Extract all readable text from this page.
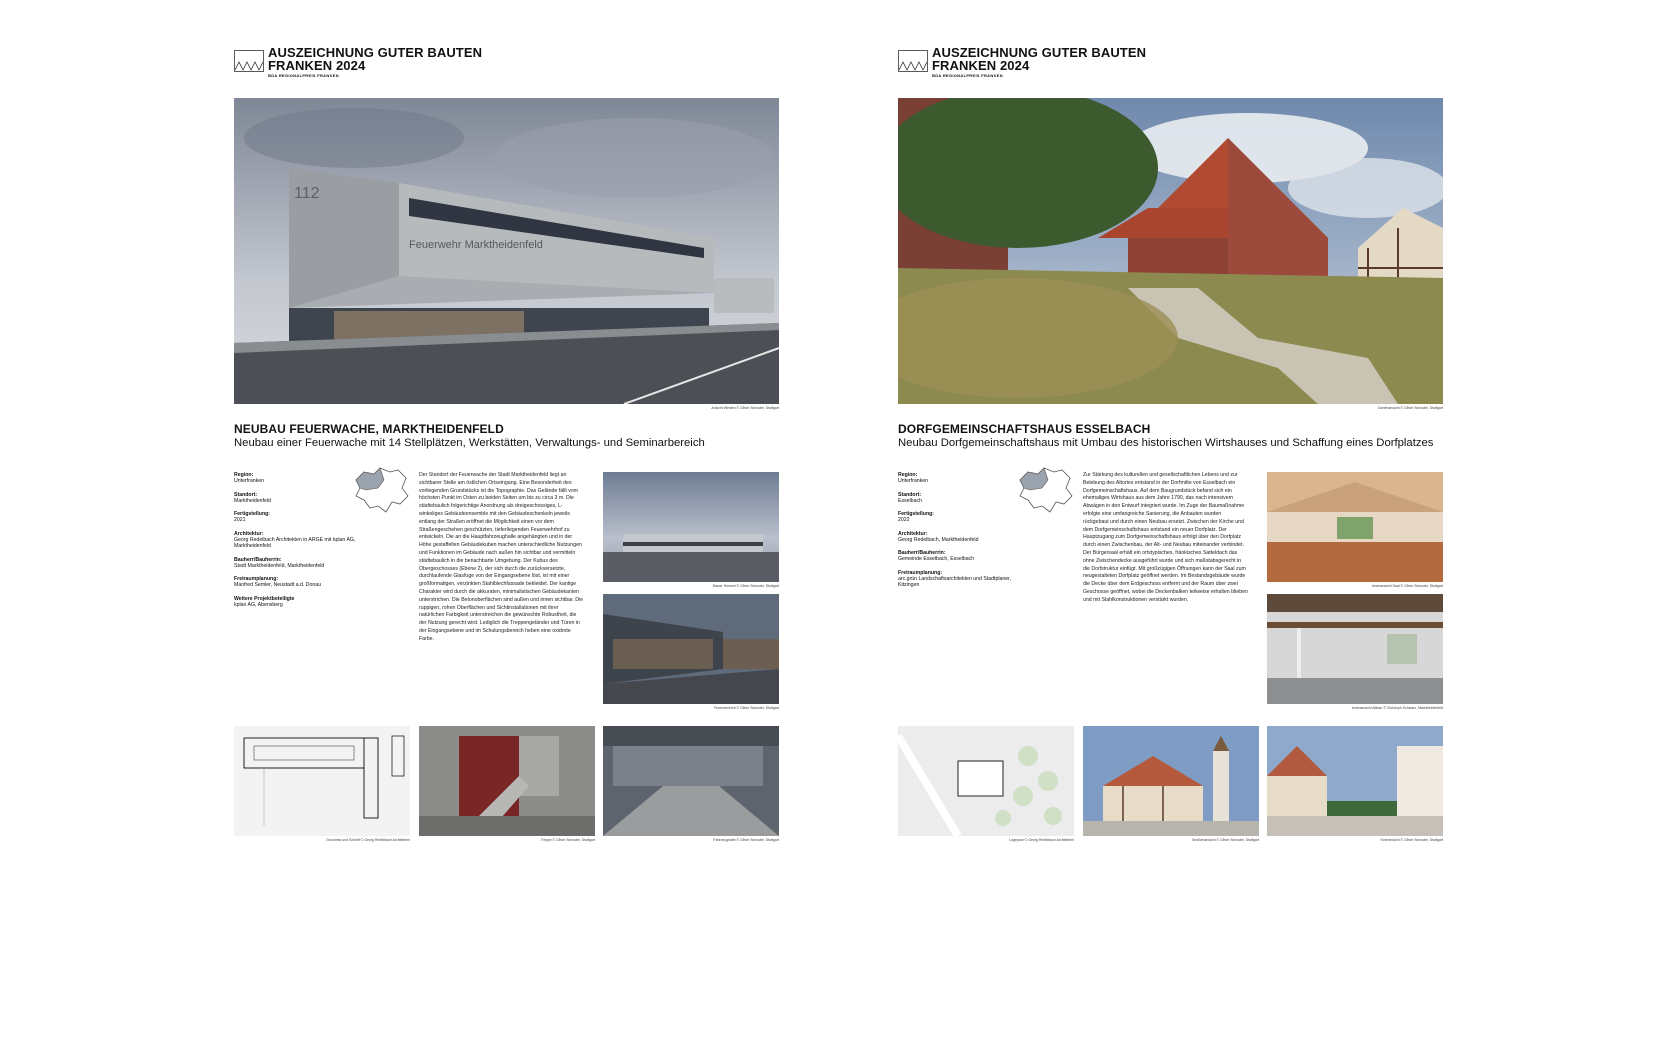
AUSZEICHNUNG GUTER BAUTEN
FRANKEN 2024
BDA REGIONALPREIS FRANKEN
112
Feuerwehr Marktheidenfeld
Ansicht Westen © Oliver Schuster, Stuttgart
NEUBAU FEUERWACHE, MARKTHEIDENFELD
Neubau einer Feuerwache mit 14 Stellplätzen, Werkstätten, Verwaltungs- und Seminarbereich
Region:
Unterfranken
Standort:
Marktheidenfeld
Fertigstellung:
2021
Architektur:
Georg Redelbach Architekten in ARGE mit kplan AG, Marktheidenfeld
Bauherr/Bauherrin:
Stadt Marktheidenfeld, Marktheidenfeld
Freiraumplanung:
Manfred Semler, Neustadt a.d. Donau
Weitere Projektbeteiligte
kplan AG, Abensberg
Der Standort der Feuerwache der Stadt Marktheidenfeld liegt an sichtbarer Stelle am östlichen Ortseingang. Eine Besonderheit des vorliegenden Grundstücks ist die Topographie. Das Gelände fällt vom höchsten Punkt im Osten zu beiden Seiten um bis zu circa 3 m. Die städtebaulich folgerichtige Anordnung als dreigeschossiges, L-winkeliges Gebäudeensemble mit den Gebäudeschenkeln jeweils entlang der Straßen eröffnet die Möglichkeit einen vor dem Straßengeschehen geschützten, tieferliegenden Feuerwehrhof zu entwickeln. Die an die Hauptfahrzeughalle angehängten und in der Höhe gestaffelten Gebäudekuben machen unterschiedliche Nutzungen und Funktionen im Gebäude nach außen hin sichtbar und vermitteln städtebaulich in die benachbarte Umgebung. Der Kubus des Obergeschosses (Ebene 2), der sich durch die zurückversetzte, durchlaufende Glasfuge von der Eingangsebene löst, ist mit einer großformatigen, verzinkten Stahlblechfassade bekleidet. Der kantige Charakter wird durch die akkuraten, minimalistischen Gebäudekanten unterstrichen. Die Betonoberflächen sind außen und innen sichtbar. Die ruppigen, rohen Oberflächen und Sichtinstallationen mit ihrer natürlichen Farbigkeit unterstreichen die gewünschte Robustheit, die der Nutzung gerecht wird. Lediglich die Treppengeländer und Türen in der Eingangsebene und im Schulungsbereich heben eine oxidrote Farbe.
Blauer Himmel © Oliver Schuster, Stuttgart
Feuerwehrhof © Oliver Schuster, Stuttgart
Grundriss und Schnitt © Georg Redelbach Architekten	Treppe © Oliver Schuster, Stuttgart	Fahrzeughalle © Oliver Schuster, Stuttgart
AUSZEICHNUNG GUTER BAUTEN
FRANKEN 2024
BDA REGIONALPREIS FRANKEN
Gartenansicht © Oliver Schuster, Stuttgart
DORFGEMEINSCHAFTSHAUS ESSELBACH
Neubau Dorfgemeinschaftshaus mit Umbau des historischen Wirtshauses und Schaffung eines Dorfplatzes
Region:
Unterfranken
Standort:
Esselbach
Fertigstellung:
2022
Architektur:
Georg Redelbach, Marktheidenfeld
Bauherr/Bauherrin:
Gemeinde Esselbach, Esselbach
Freiraumplanung:
arc.grün Landschaftsarchitekten und Stadtplaner, Kitzingen
Zur Stärkung des kulturellen und gesellschaftlichen Lebens und zur Belebung des Altortes entstand in der Dorfmitte von Esselbach ein Dorfgemeinschaftshaus. Auf dem Baugrundstück befand sich ein ehemaliges Wirtshaus aus dem Jahre 1790, das nach intensivem Abwägen in den Entwurf integriert wurde. Im Zuge der Baumaßnahme erfolgte eine umfangreiche Sanierung, die Anbauten wurden rückgebaut und durch einen Neubau ersetzt. Zwischen der Kirche und dem Dorfgemeinschaftshaus entstand ein neuer Dorfplatz. Der Hauptzugang zum Dorfgemeinschaftshaus erfolgt über den Dorfplatz durch einen Zwischenbau, der Alt- und Neubau miteinander verbindet. Der Bürgersaal erhält ein ortstypisches, fränkisches Satteldach das ohne Zwischendecke ausgeführt wurde und sich maßstabsgerecht in die Dorfstruktur einfügt. Mit großzügigen Öffnungen kann der Saal zum neugestalteten Dorfplatz geöffnet werden. Im Bestandsgebäude wurde die Decke über dem Erdgeschoss entfernt und der Raum über zwei Geschosse geöffnet, wobei die Deckenbalken teilweise erhalten blieben und mit Stahlkonstruktionen verstärkt wurden.
Innenansicht Saal © Oliver Schuster, Stuttgart
Innenansicht Altbau © Christoph Schwarz, Marktheidenfeld
Lageplan © Georg Redelbach Architekten	Straßenansicht © Oliver Schuster, Stuttgart	Kirchensicht © Oliver Schuster, Stuttgart
